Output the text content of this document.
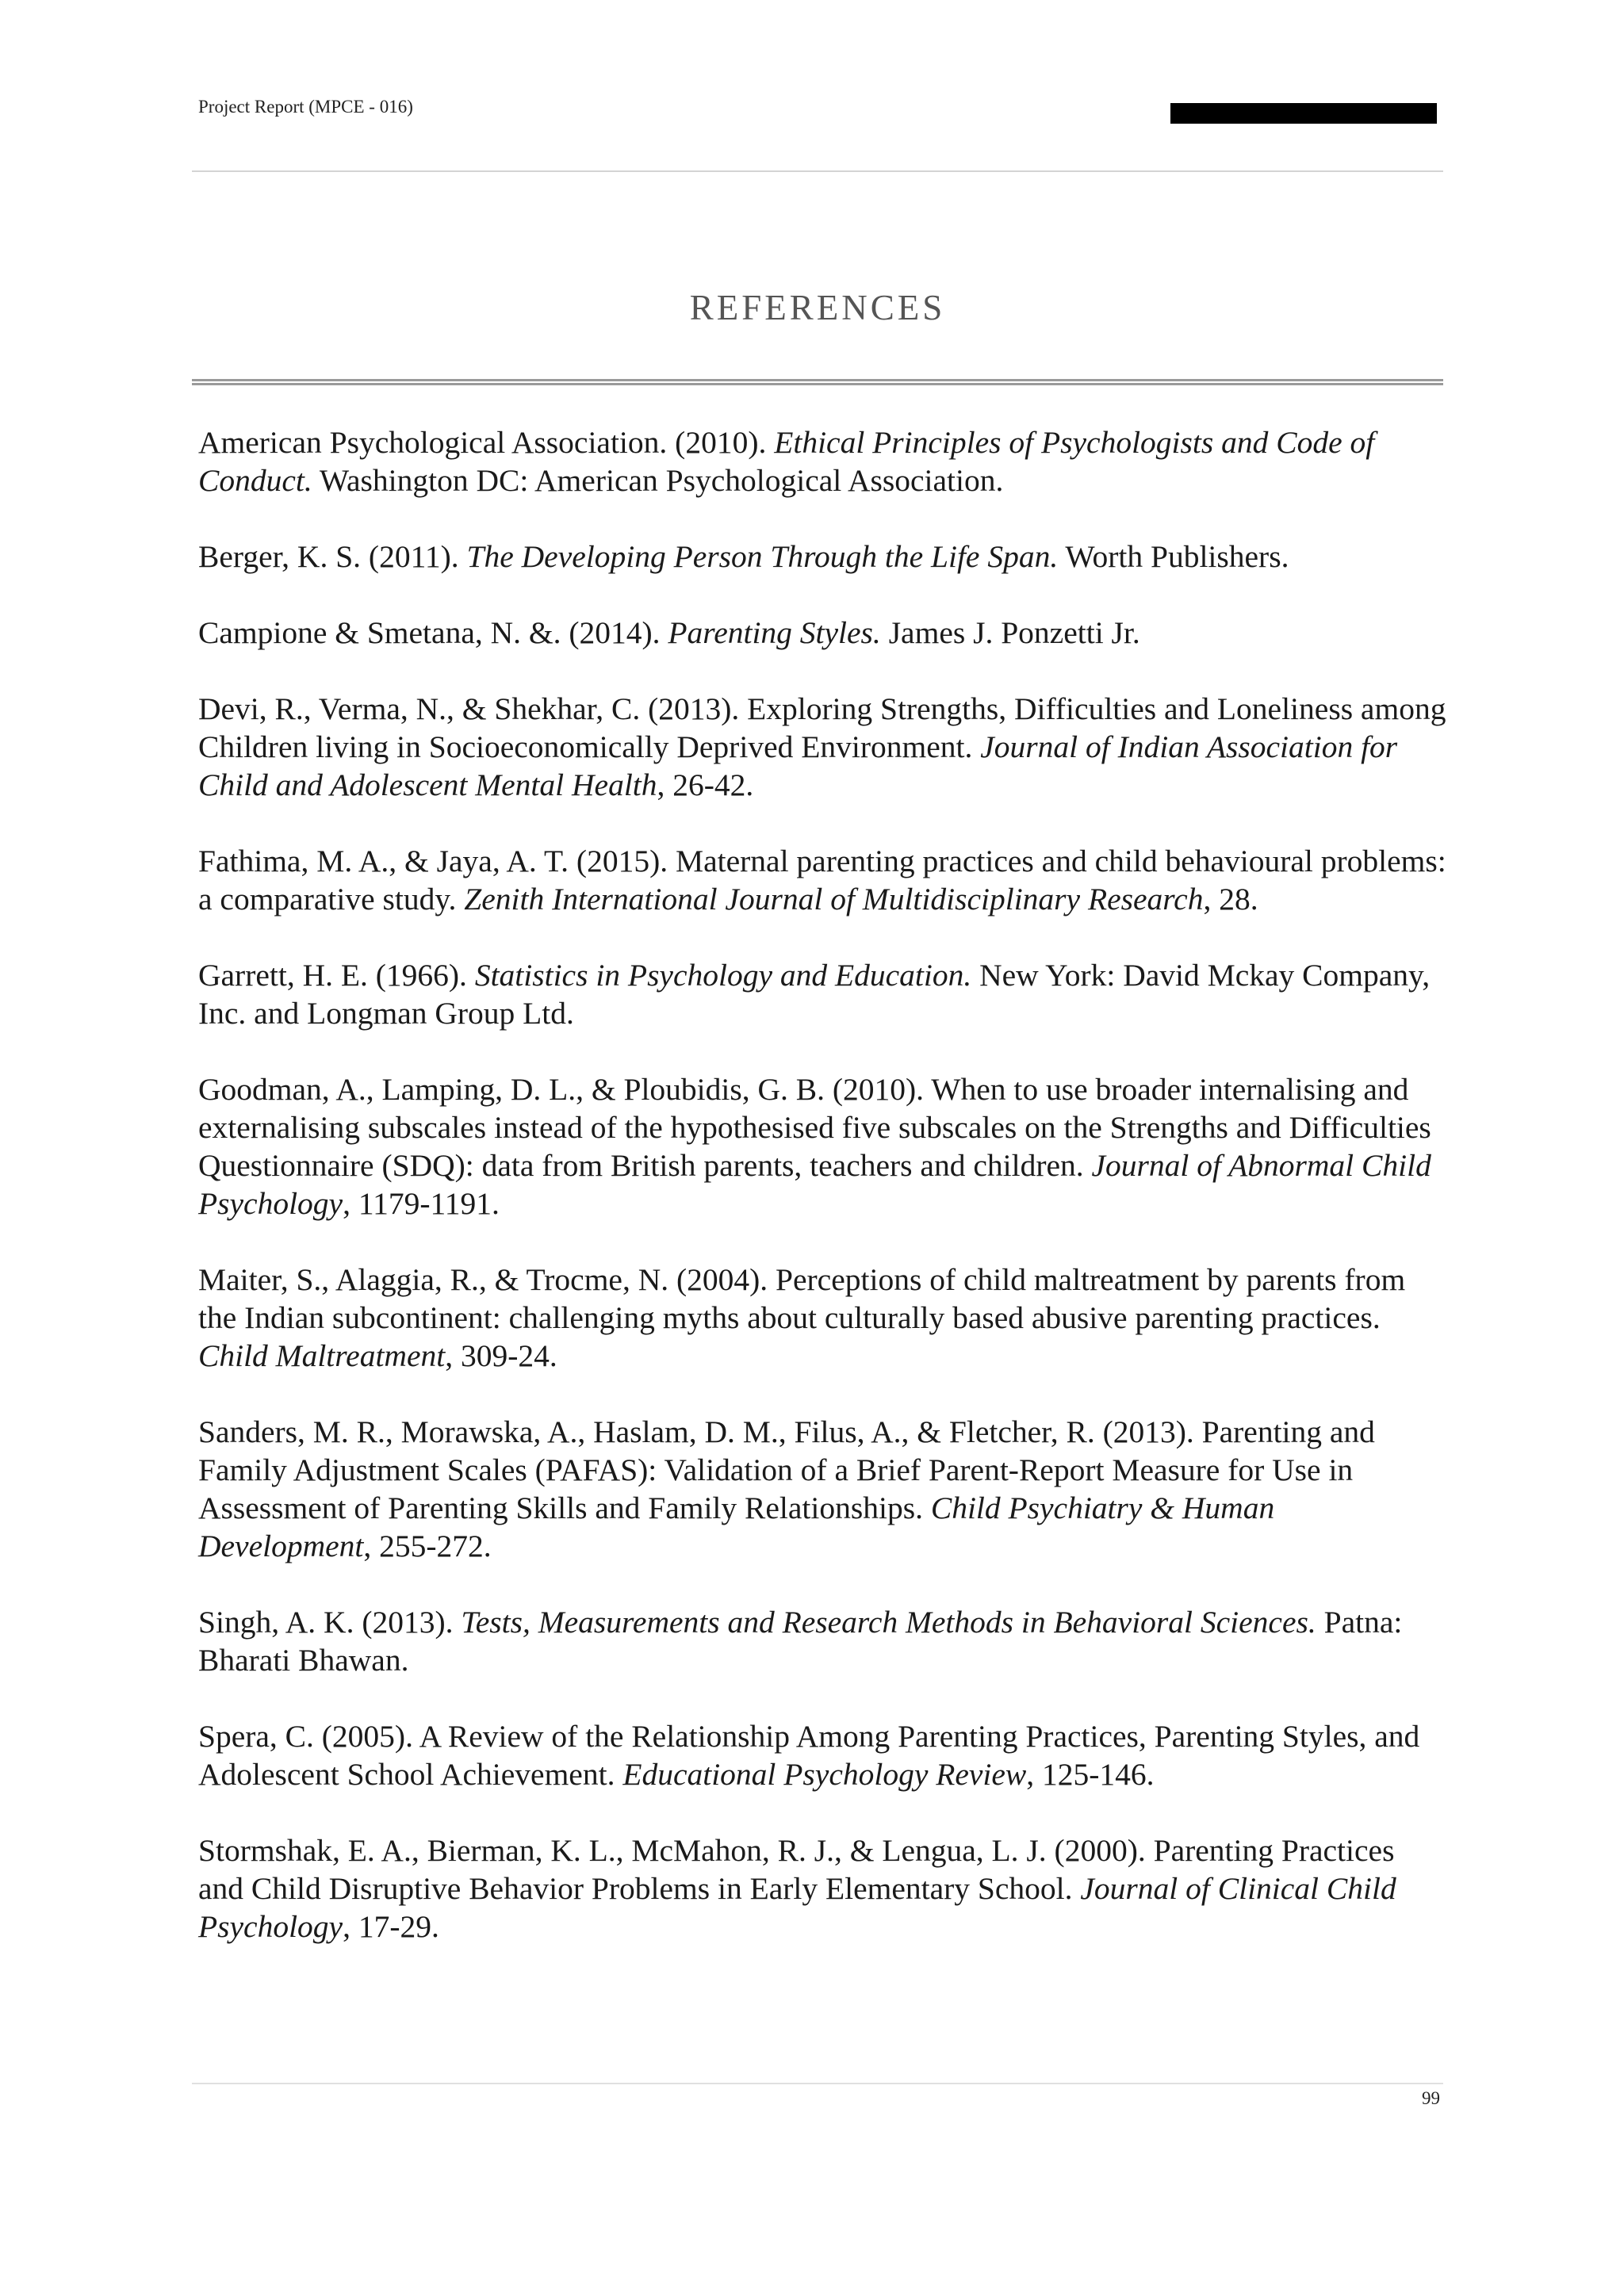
Project Report (MPCE - 016)
REFERENCES
American Psychological Association. (2010). Ethical Principles of Psychologists and Code of Conduct. Washington DC: American Psychological Association.
Berger, K. S. (2011). The Developing Person Through the Life Span. Worth Publishers.
Campione & Smetana, N. &. (2014). Parenting Styles. James J. Ponzetti Jr.
Devi, R., Verma, N., & Shekhar, C. (2013). Exploring Strengths, Difficulties and Loneliness among Children living in Socioeconomically Deprived Environment. Journal of Indian Association for Child and Adolescent Mental Health, 26-42.
Fathima, M. A., & Jaya, A. T. (2015). Maternal parenting practices and child behavioural problems: a comparative study. Zenith International Journal of Multidisciplinary Research, 28.
Garrett, H. E. (1966). Statistics in Psychology and Education. New York: David Mckay Company, Inc. and Longman Group Ltd.
Goodman, A., Lamping, D. L., & Ploubidis, G. B. (2010). When to use broader internalising and externalising subscales instead of the hypothesised five subscales on the Strengths and Difficulties Questionnaire (SDQ): data from British parents, teachers and children. Journal of Abnormal Child Psychology, 1179-1191.
Maiter, S., Alaggia, R., & Trocme, N. (2004). Perceptions of child maltreatment by parents from the Indian subcontinent: challenging myths about culturally based abusive parenting practices. Child Maltreatment, 309-24.
Sanders, M. R., Morawska, A., Haslam, D. M., Filus, A., & Fletcher, R. (2013). Parenting and Family Adjustment Scales (PAFAS): Validation of a Brief Parent-Report Measure for Use in Assessment of Parenting Skills and Family Relationships. Child Psychiatry & Human Development, 255-272.
Singh, A. K. (2013). Tests, Measurements and Research Methods in Behavioral Sciences. Patna: Bharati Bhawan.
Spera, C. (2005). A Review of the Relationship Among Parenting Practices, Parenting Styles, and Adolescent School Achievement. Educational Psychology Review, 125-146.
Stormshak, E. A., Bierman, K. L., McMahon, R. J., & Lengua, L. J. (2000). Parenting Practices and Child Disruptive Behavior Problems in Early Elementary School. Journal of Clinical Child Psychology, 17-29.
99
